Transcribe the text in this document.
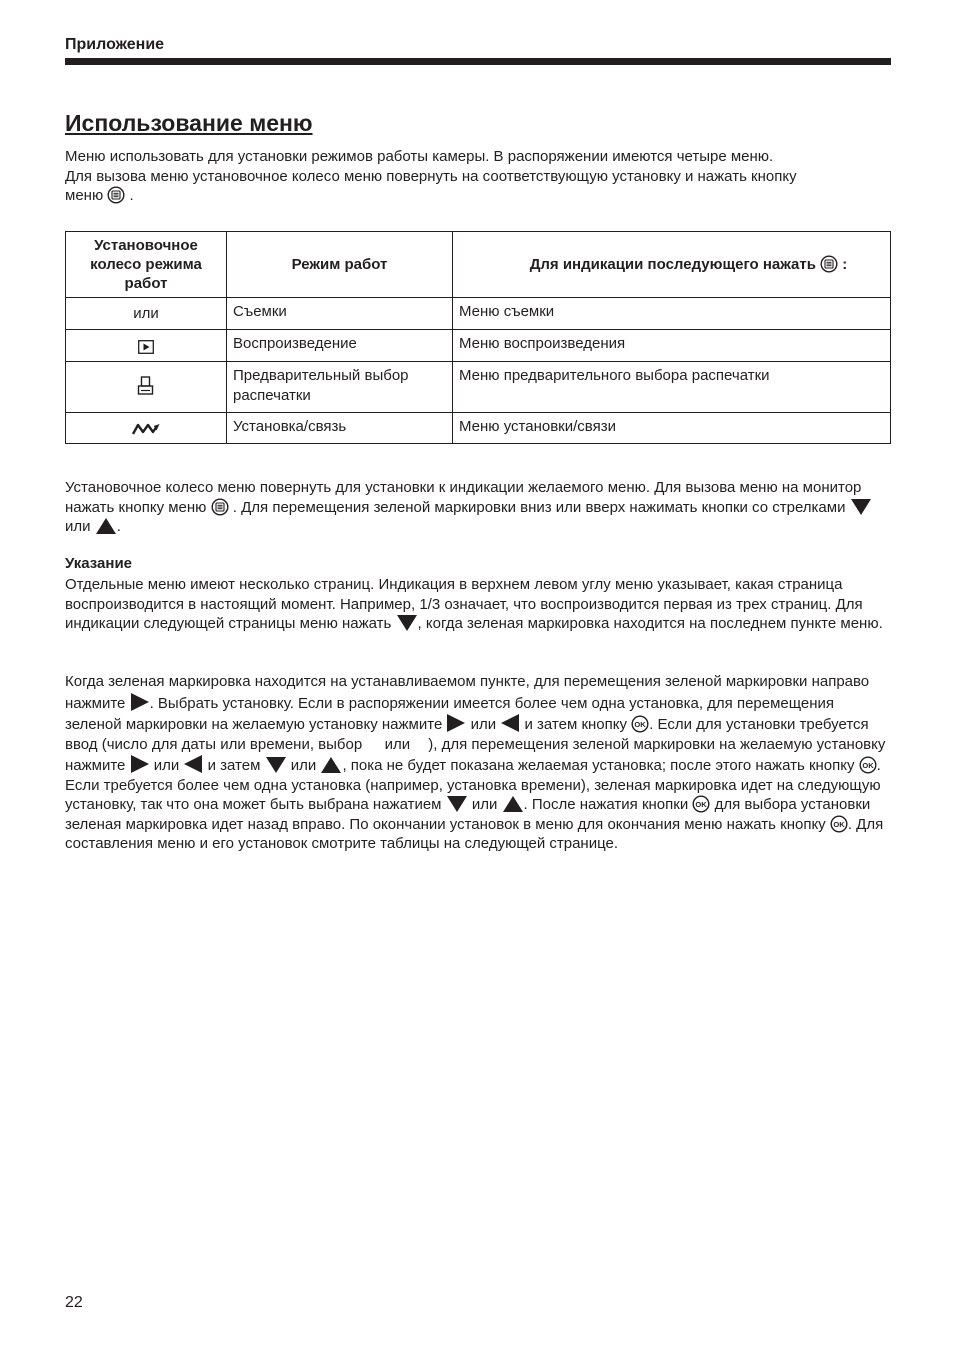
Приложение
Использование меню

Меню использовать для установки режимов работы камеры. В распоряжении имеются четыре меню.
Для вызова меню установочное колесо меню повернуть на соответствующую установку и нажать кнопку
меню .

Установочное колесо режима работ	Режим работ	Для индикации последующего нажать :
или	Съемки	Меню съемки

	Воспроизведение	Меню воспроизведения

	Предварительный выбор распечатки	Меню предварительного выбора распечатки

	Установка/связь	Меню установки/связи

Установочное колесо меню повернуть для установки к индикации желаемого меню. Для вызова меню на монитор нажать кнопку меню . Для перемещения зеленой маркировки вниз или вверх нажимать кнопки со стрелками
или .

Указание

Отдельные меню имеют несколько страниц. Индикация в верхнем левом углу меню указывает, какая страница воспроизводится в настоящий момент. Например, 1/3 означает, что воспроизводится первая из трех страниц. Для индикации следующей страницы меню нажать , когда зеленая маркировка находится на последнем пункте меню.

Когда зеленая маркировка находится на устанавливаемом пункте, для перемещения зеленой маркировки направо нажмите . Выбрать установку. Если в распоряжении имеется более чем одна установка, для перемещения зеленой маркировки на желаемую установку нажмите или и затем кнопку OK . Если для установки требуется ввод (число для даты или времени, выбор или ), для перемещения зеленой маркировки на желаемую установку нажмите или и затем или , пока не будет показана желаемая установка; после этого нажать кнопку OK . Если требуется более чем одна установка (например, установка времени), зеленая маркировка идет на следующую установку, так что она может быть выбрана нажатием или . После нажатия кнопки OK для выбора установки зеленая маркировка идет назад вправо. По окончании установок в меню для окончания меню нажать кнопку OK . Для составления меню и его установок смотрите таблицы на следующей странице.

22
